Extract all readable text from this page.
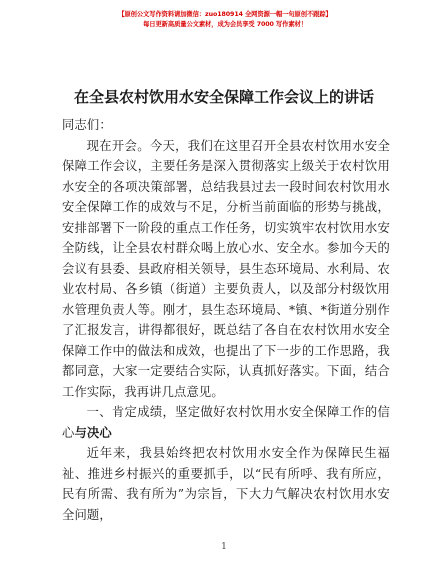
【原创公文写作资料请加微信：zuo180914 全网资源一帽一句原创不跟踪】
每日更新高质量公文素材，成为会员享受 7000 写作素材！
在全县农村饮用水安全保障工作会议上的讲话

同志们：

现在开会。今天，我们在这里召开全县农村饮用水安全保障工作会议，主要任务是深入贯彻落实上级关于农村饮用水安全的各项决策部署，总结我县过去一段时间农村饮用水安全保障工作的成效与不足，分析当前面临的形势与挑战，安排部署下一阶段的重点工作任务，切实筑牢农村饮用水安全防线，让全县农村群众喝上放心水、安全水。参加今天的会议有县委、县政府相关领导，县生态环境局、水利局、农业农村局、各乡镇（街道）主要负责人，以及部分村级饮用水管理负责人等。刚才，县生态环境局、*镇、*街道分别作了汇报发言，讲得都很好，既总结了各自在农村饮用水安全保障工作中的做法和成效，也提出了下一步的工作思路，我都同意，大家一定要结合实际，认真抓好落实。下面，结合工作实际，我再讲几点意见。

一、肯定成绩，坚定做好农村饮用水安全保障工作的信心与决心

近年来，我县始终把农村饮用水安全作为保障民生福祉、推进乡村振兴的重要抓手，以“民有所呼、我有所应，民有所需、我有所为”为宗旨，下大力气解决农村饮用水安全问题，

1
